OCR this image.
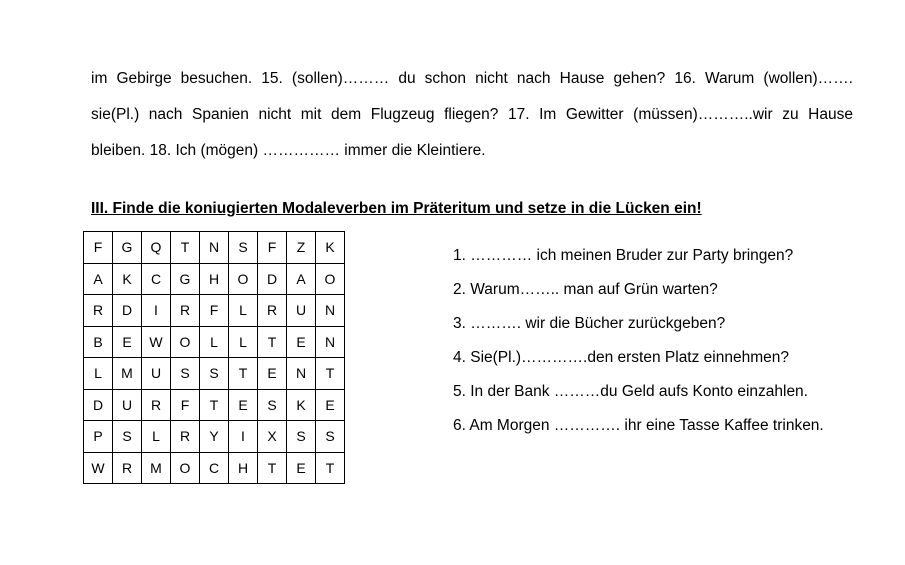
im Gebirge besuchen. 15. (sollen)……… du schon nicht nach Hause gehen? 16. Warum (wollen)…….
sie(Pl.) nach Spanien nicht mit dem Flugzeug fliegen? 17. Im Gewitter (müssen)………..wir zu Hause
bleiben. 18. Ich (mögen) …………… immer die Kleintiere.
III. Finde die koniugierten Modaleverben im Präteritum und setze in die Lücken ein!
F	G	Q	T	N	S	F	Z	K
A	K	C	G	H	O	D	A	O
R	D	I	R	F	L	R	U	N
B	E	W	O	L	L	T	E	N
L	M	U	S	S	T	E	N	T
D	U	R	F	T	E	S	K	E
P	S	L	R	Y	I	X	S	S
W	R	M	O	C	H	T	E	T
1. ………… ich meinen Bruder zur Party bringen?
2. Warum…….. man auf Grün warten?
3. ………. wir die Bücher zurückgeben?
4. Sie(Pl.)………….den ersten Platz einnehmen?
5. In der Bank ………du Geld aufs Konto einzahlen.
6. Am Morgen …………. ihr eine Tasse Kaffee trinken.
